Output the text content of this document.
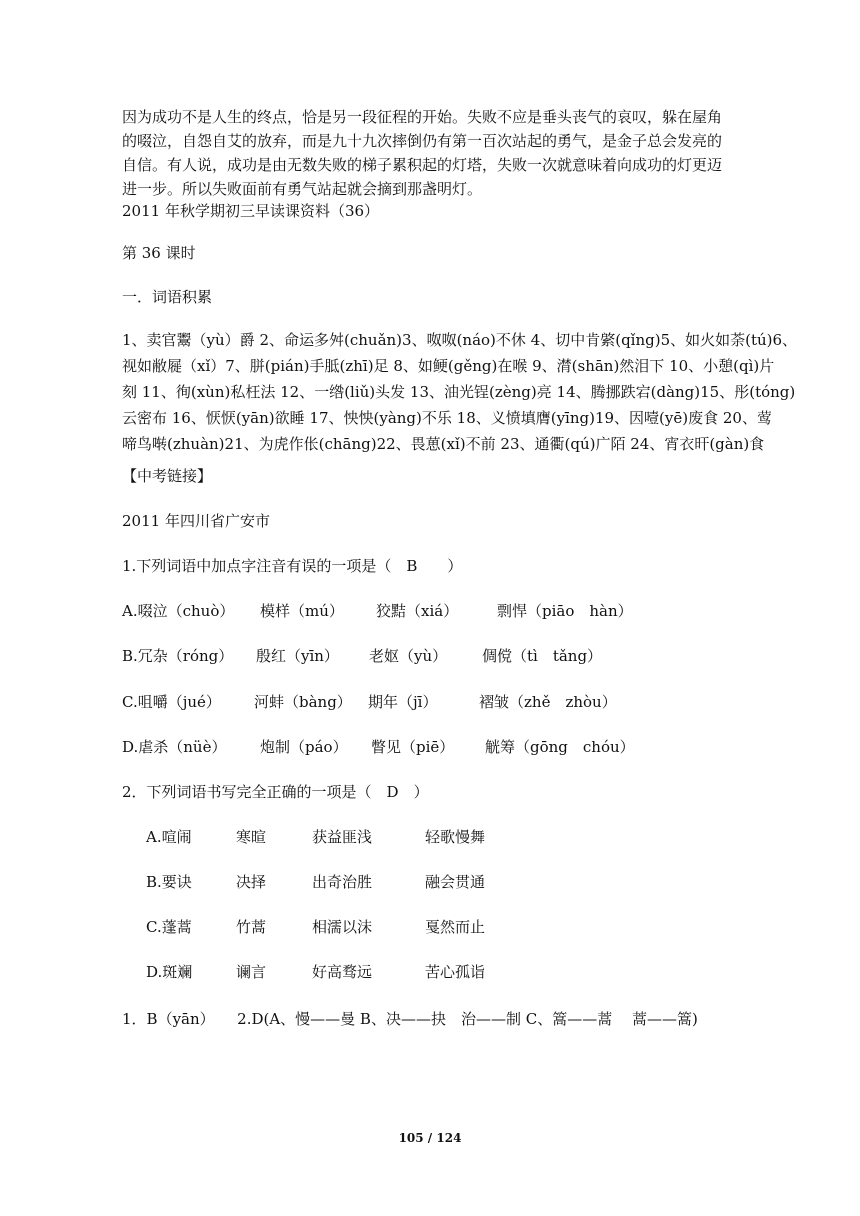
因为成功不是人生的终点，恰是另一段征程的开始。失败不应是垂头丧气的哀叹，躲在屋角
的啜泣，自怨自艾的放弃，而是九十九次摔倒仍有第一百次站起的勇气，是金子总会发亮的
自信。有人说，成功是由无数失败的梯子累积起的灯塔，失败一次就意味着向成功的灯更迈
进一步。所以失败面前有勇气站起就会摘到那盏明灯。
2011 年秋学期初三早读课资料（36）
第 36 课时
一．词语积累
1、卖官鬻（yù）爵 2、命运多舛(chuǎn)3、呶呶(náo)不休 4、切中肯綮(qǐng)5、如火如荼(tú)6、
视如敝屣（xǐ）7、胼(pián)手胝(zhī)足 8、如鲠(gěng)在喉 9、潸(shān)然泪下 10、小憩(qì)片
刻 11、徇(xùn)私枉法 12、一绺(liǔ)头发 13、油光锃(zèng)亮 14、腾挪跌宕(dàng)15、彤(tóng)
云密布 16、恹恹(yān)欲睡 17、怏怏(yàng)不乐 18、义愤填膺(yīng)19、因噎(yē)废食 20、莺
啼鸟啭(zhuàn)21、为虎作伥(chāng)22、畏葸(xǐ)不前 23、通衢(qú)广陌 24、宵衣旰(gàn)食
【中考链接】
2011 年四川省广安市
1.下列词语中加点字注音有误的一项是（　B　　）
A.啜泣（chuò） 模样（mú） 狡黠（xiá）	剽悍（piāo　hàn）
B.冗杂（róng） 殷红（yīn） 老妪（yù） 倜傥（tì　tǎng）
C.咀嚼（jué） 河蚌（bàng） 期年（jī）	褶皱（zhě　zhòu）
D.虐杀（nüè） 炮制（páo） 瞥见（piē） 觥筹（gōng　chóu）
2．下列词语书写完全正确的一项是（　D　）
A.喧闹	寒暄	获益匪浅	轻歌慢舞
B.要诀	决择	出奇治胜	融会贯通
C.蓬蒿	竹蒿	相濡以沫	戛然而止
D.斑斓	谰言	好高骛远	苦心孤诣
1．B（yān）　　2.D(A、慢——曼 B、决——抉　治——制 C、篙——蒿　 蒿——篙)
105 / 124
